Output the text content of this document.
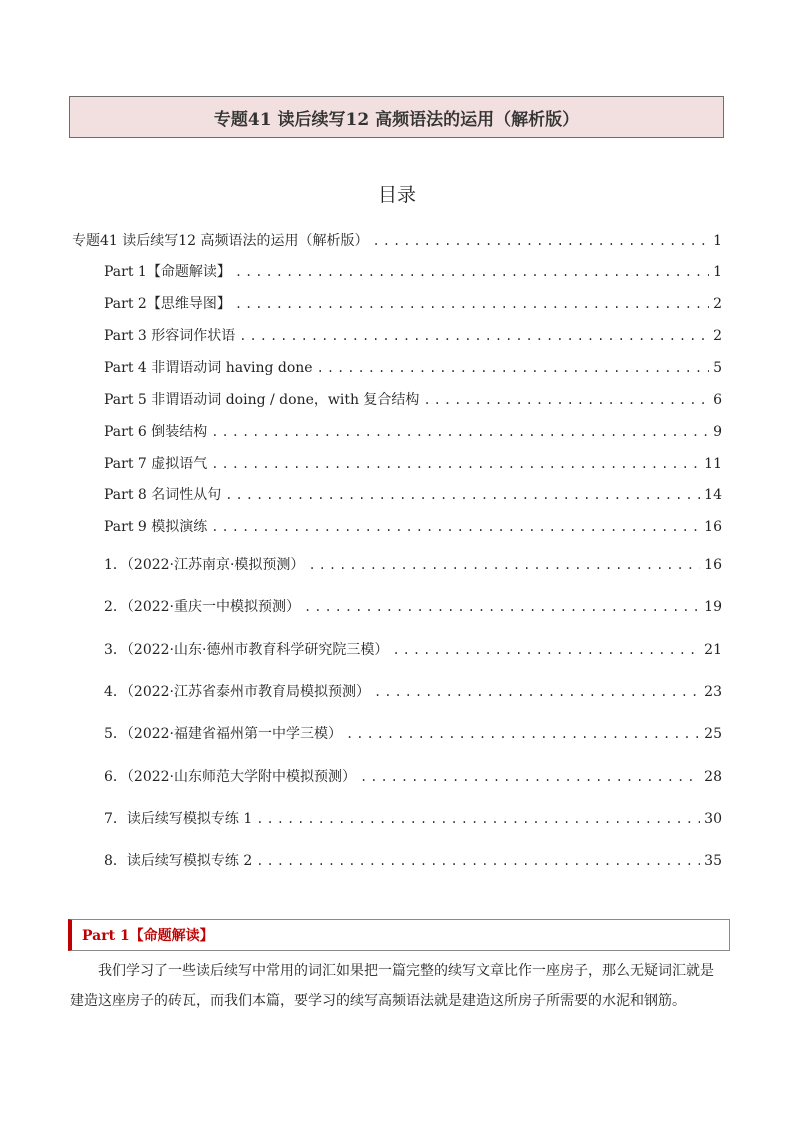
专题41 读后续写12 高频语法的运用（解析版）
目录
专题41 读后续写12 高频语法的运用（解析版） .....	1
Part 1【命题解读】 .....	1
Part 2【思维导图】 .....	2
Part 3 形容词作状语 .....	2
Part 4 非谓语动词 having done .....	5
Part 5 非谓语动词 doing / done，with 复合结构 .....	6
Part 6 倒装结构 .....	9
Part 7 虚拟语气 .....	11
Part 8 名词性从句 .....	14
Part 9 模拟演练 .....	16
1．（2022·江苏南京·模拟预测） .....	16
2．（2022·重庆一中模拟预测） .....	19
3．（2022·山东·德州市教育科学研究院三模） .....	21
4．（2022·江苏省泰州市教育局模拟预测） .....	23
5．（2022·福建省福州第一中学三模） .....	25
6．（2022·山东师范大学附中模拟预测） .....	28
7．读后续写模拟专练 1 .....	30
8．读后续写模拟专练 2 .....	35
Part 1【命题解读】

我们学习了一些读后续写中常用的词汇如果把一篇完整的续写文章比作一座房子，那么无疑词汇就是建造这座房子的砖瓦，而我们本篇，要学习的续写高频语法就是建造这所房子所需要的水泥和钢筋。
